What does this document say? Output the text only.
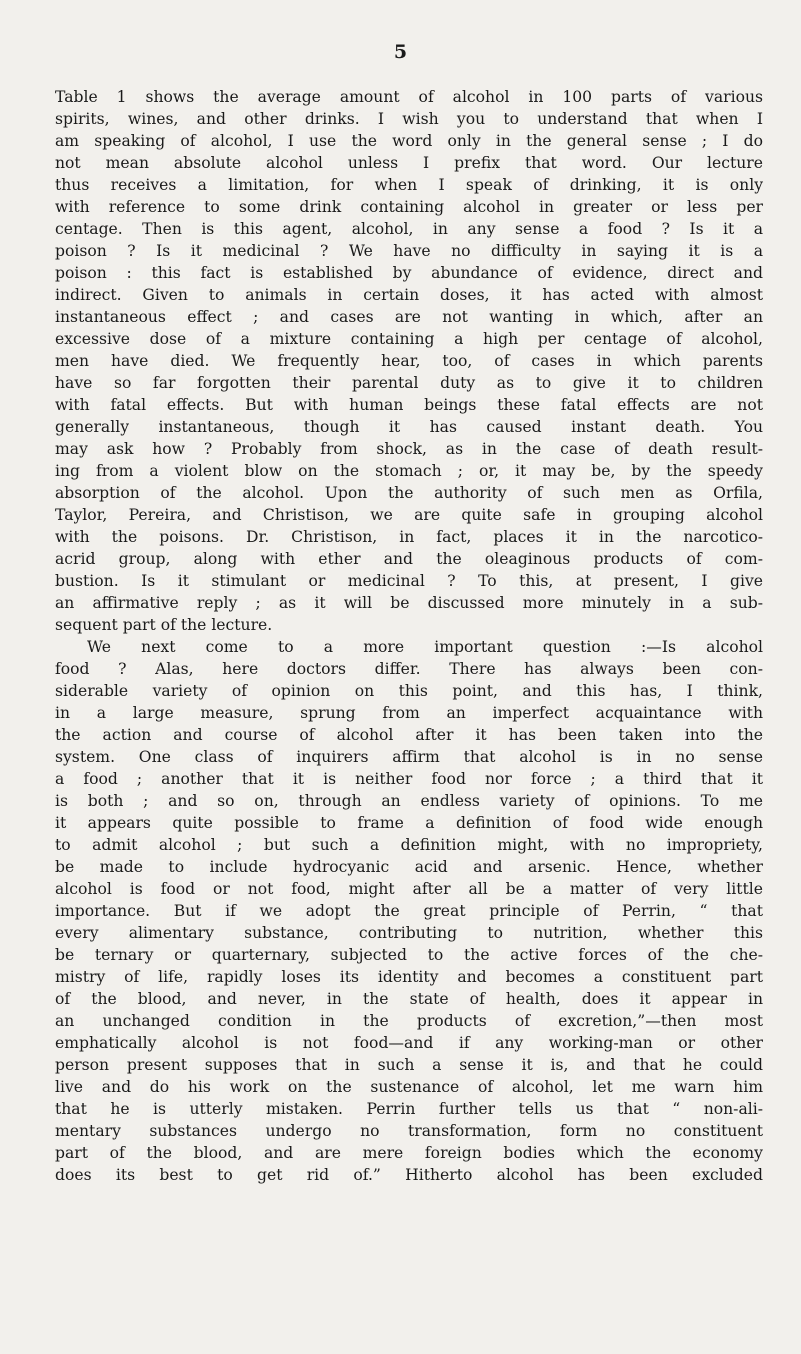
5
Table 1 shows the average amount of alcohol in 100 parts of various
spirits, wines, and other drinks. I wish you to understand that when I
am speaking of alcohol, I use the word only in the general sense ; I do
not mean absolute alcohol unless I prefix that word. Our lecture
thus receives a limitation, for when I speak of drinking, it is only
with reference to some drink containing alcohol in greater or less per
centage. Then is this agent, alcohol, in any sense a food ? Is it a
poison ? Is it medicinal ? We have no difficulty in saying it is a
poison : this fact is established by abundance of evidence, direct and
indirect. Given to animals in certain doses, it has acted with almost
instantaneous effect ; and cases are not wanting in which, after an
excessive dose of a mixture containing a high per centage of alcohol,
men have died. We frequently hear, too, of cases in which parents
have so far forgotten their parental duty as to give it to children
with fatal effects. But with human beings these fatal effects are not
generally instantaneous, though it has caused instant death. You
may ask how ? Probably from shock, as in the case of death result-
ing from a violent blow on the stomach ; or, it may be, by the speedy
absorption of the alcohol. Upon the authority of such men as Orfila,
Taylor, Pereira, and Christison, we are quite safe in grouping alcohol
with the poisons. Dr. Christison, in fact, places it in the narcotico-
acrid group, along with ether and the oleaginous products of com-
bustion. Is it stimulant or medicinal ? To this, at present, I give
an affirmative reply ; as it will be discussed more minutely in a sub-
sequent part of the lecture.
We next come to a more important question :—Is alcohol
food ? Alas, here doctors differ. There has always been con-
siderable variety of opinion on this point, and this has, I think,
in a large measure, sprung from an imperfect acquaintance with
the action and course of alcohol after it has been taken into the
system. One class of inquirers affirm that alcohol is in no sense
a food ; another that it is neither food nor force ; a third that it
is both ; and so on, through an endless variety of opinions. To me
it appears quite possible to frame a definition of food wide enough
to admit alcohol ; but such a definition might, with no impropriety,
be made to include hydrocyanic acid and arsenic. Hence, whether
alcohol is food or not food, might after all be a matter of very little
importance. But if we adopt the great principle of Perrin, “ that
every alimentary substance, contributing to nutrition, whether this
be ternary or quarternary, subjected to the active forces of the che-
mistry of life, rapidly loses its identity and becomes a constituent part
of the blood, and never, in the state of health, does it appear in
an unchanged condition in the products of excretion,”—then most
emphatically alcohol is not food—and if any working-man or other
person present supposes that in such a sense it is, and that he could
live and do his work on the sustenance of alcohol, let me warn him
that he is utterly mistaken. Perrin further tells us that “ non-ali-
mentary substances undergo no transformation, form no constituent
part of the blood, and are mere foreign bodies which the economy
does its best to get rid of.” Hitherto alcohol has been excluded
